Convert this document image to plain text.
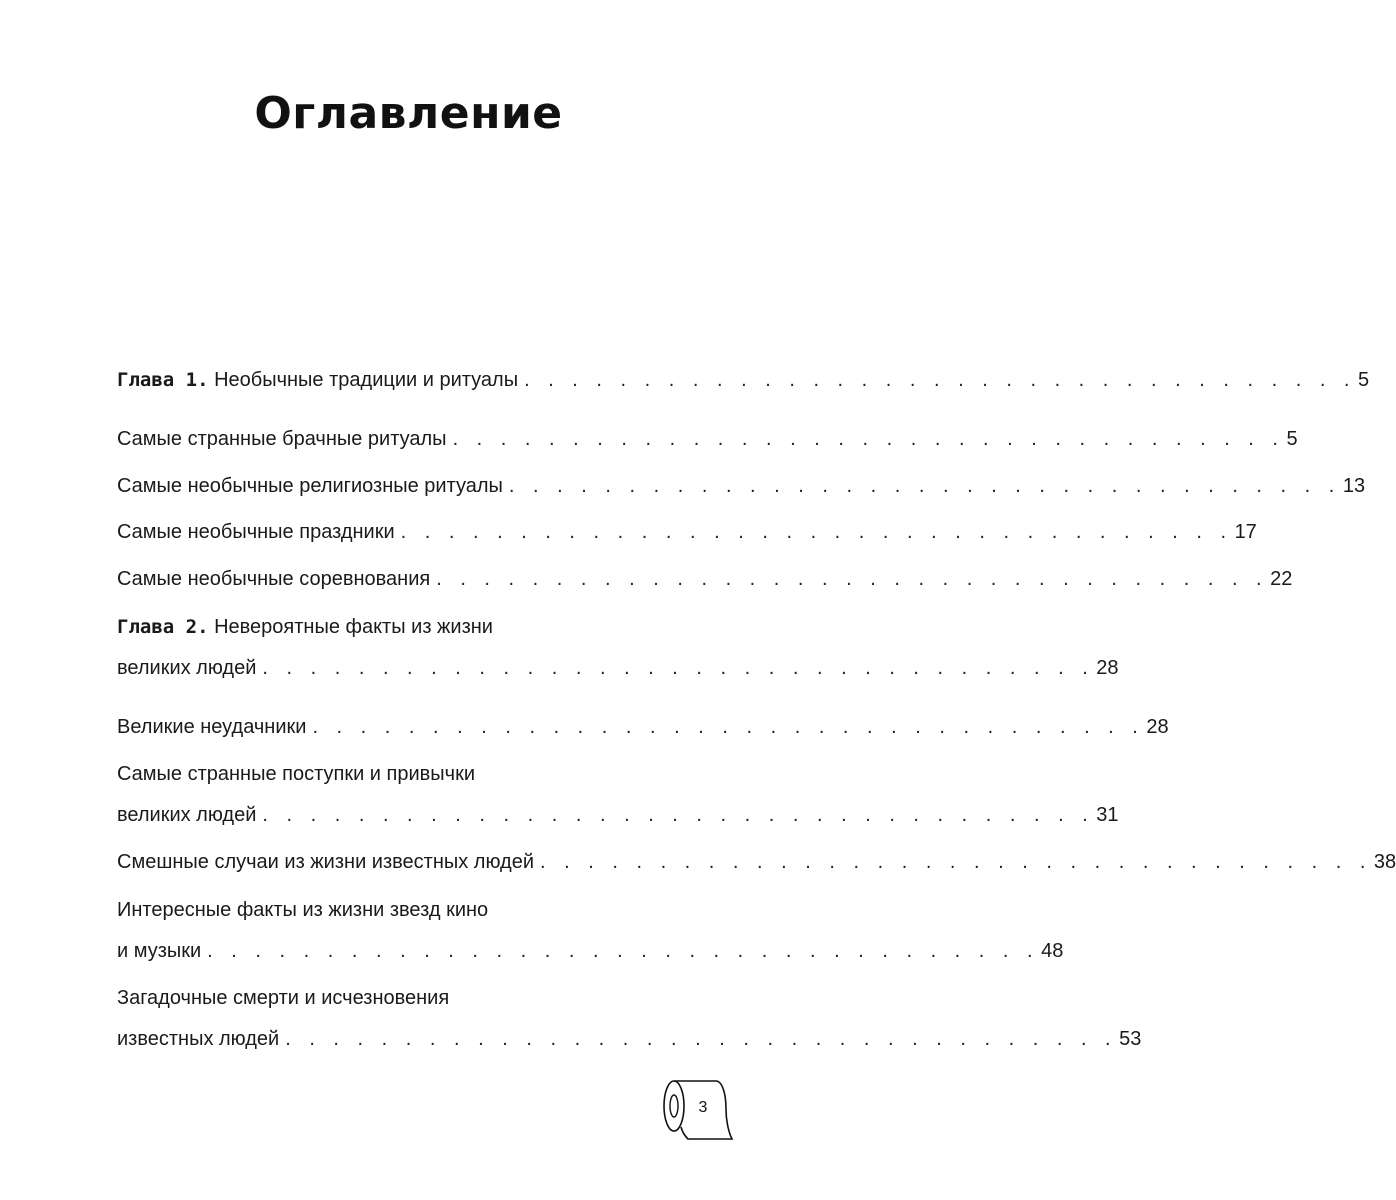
Оглавление
Глава 1. Необычные традиции и ритуалы . . . . . . . . . . . . . . . . . . . . . . . . . . . . . . . . . . . 5
Самые странные брачные ритуалы . . . . . . . . . . . . . . . . . . . . . . . . . . . . . . . . . . . 5
Самые необычные религиозные ритуалы . . . . . . . . . . . . . . . . . . . . . . . . . . . . . . . . . . . 13
Самые необычные праздники . . . . . . . . . . . . . . . . . . . . . . . . . . . . . . . . . . . 17
Самые необычные соревнования . . . . . . . . . . . . . . . . . . . . . . . . . . . . . . . . . . . 22
Глава 2. Невероятные факты из жизни
великих людей . . . . . . . . . . . . . . . . . . . . . . . . . . . . . . . . . . . 28
Великие неудачники . . . . . . . . . . . . . . . . . . . . . . . . . . . . . . . . . . . 28
Самые странные поступки и привычки
великих людей . . . . . . . . . . . . . . . . . . . . . . . . . . . . . . . . . . . 31
Смешные случаи из жизни известных людей . . . . . . . . . . . . . . . . . . . . . . . . . . . . . . . . . . . 38
Интересные факты из жизни звезд кино
и музыки . . . . . . . . . . . . . . . . . . . . . . . . . . . . . . . . . . . 48
Загадочные смерти и исчезновения
известных людей . . . . . . . . . . . . . . . . . . . . . . . . . . . . . . . . . . . 53
3
